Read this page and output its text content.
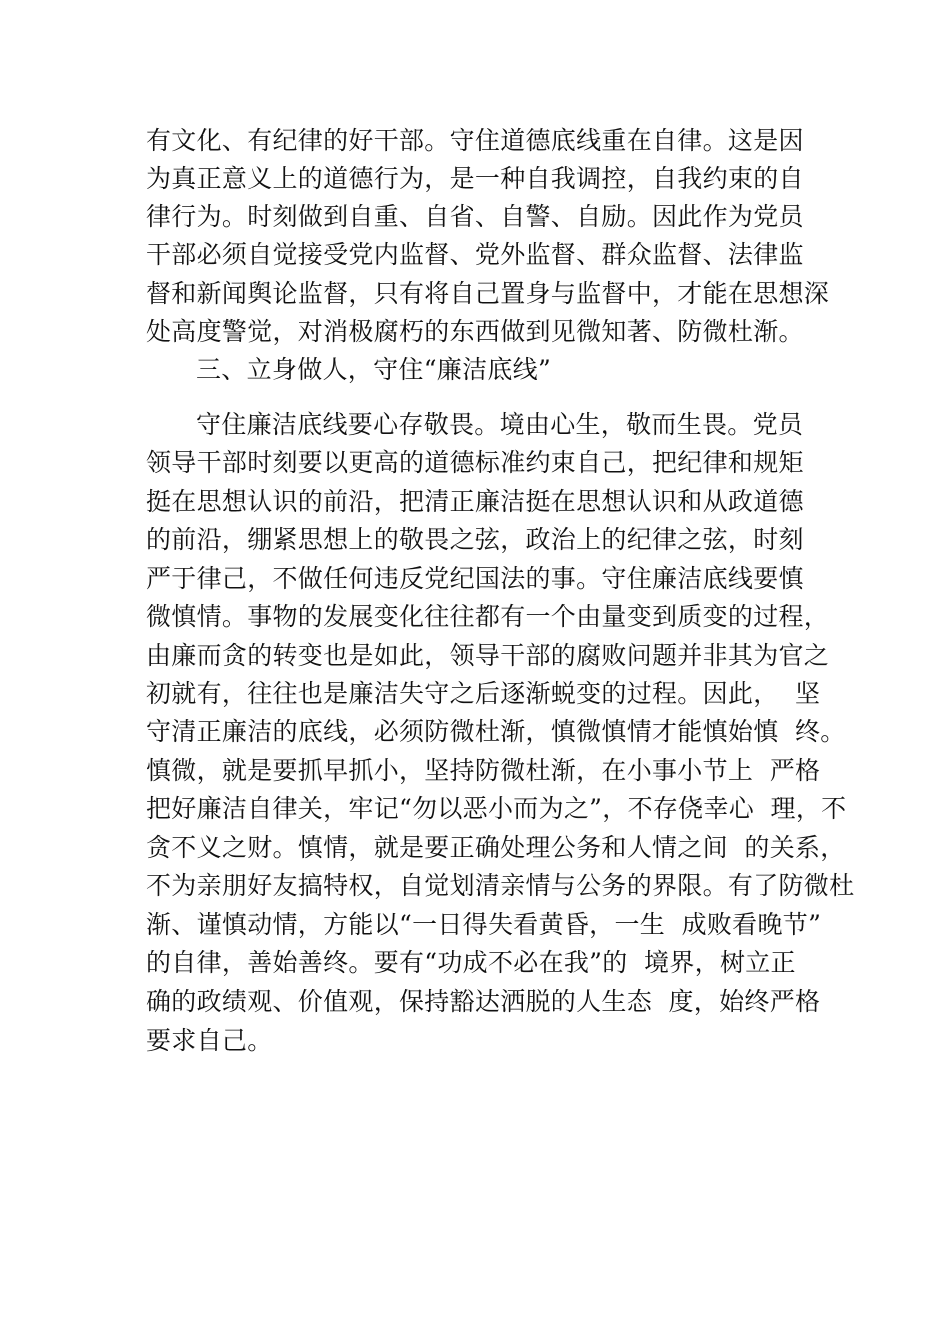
有文化、有纪律的好干部。守住道德底线重在自律。这是因
为真正意义上的道德行为，是一种自我调控，自我约束的自
律行为。时刻做到自重、自省、自警、自励。因此作为党员
干部必须自觉接受党内监督、党外监督、群众监督、法律监
督和新闻舆论监督，只有将自己置身与监督中，才能在思想深
处高度警觉，对消极腐朽的东西做到见微知著、防微杜渐。
三、立身做人，守住“廉洁底线”
守住廉洁底线要心存敬畏。境由心生，敬而生畏。党员
领导干部时刻要以更高的道德标准约束自己，把纪律和规矩
挺在思想认识的前沿，把清正廉洁挺在思想认识和从政道德
的前沿，绷紧思想上的敬畏之弦，政治上的纪律之弦，时刻
严于律己，不做任何违反党纪国法的事。守住廉洁底线要慎
微慎情。事物的发展变化往往都有一个由量变到质变的过程，
由廉而贪的转变也是如此，领导干部的腐败问题并非其为官之
初就有，往往也是廉洁失守之后逐渐蜕变的过程。因此，  坚
守清正廉洁的底线，必须防微杜渐，慎微慎情才能慎始慎  终。
慎微，就是要抓早抓小，坚持防微杜渐，在小事小节上  严格
把好廉洁自律关，牢记“勿以恶小而为之”，不存侥幸心  理，不
贪不义之财。慎情，就是要正确处理公务和人情之间  的关系，
不为亲朋好友搞特权，自觉划清亲情与公务的界限。有了防微杜
渐、谨慎动情，方能以“一日得失看黄昏，一生  成败看晚节”
的自律，善始善终。要有“功成不必在我”的  境界，树立正
确的政绩观、价值观，保持豁达洒脱的人生态  度，始终严格
要求自己。
